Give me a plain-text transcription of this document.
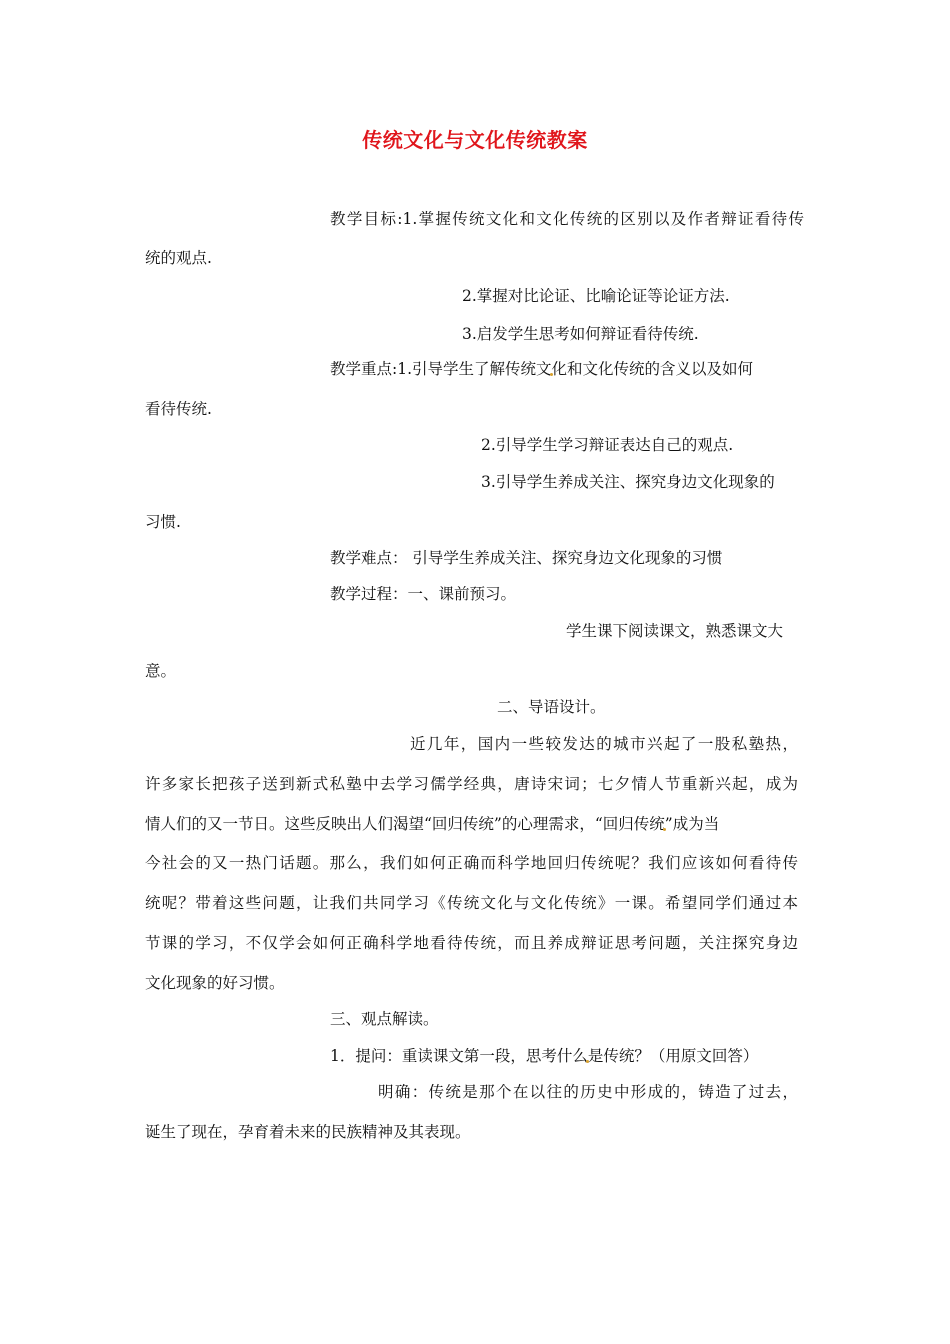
传统文化与文化传统教案
教学目标:1.掌握传统文化和文化传统的区别以及作者辩证看待传
统的观点.
2.掌握对比论证、比喻论证等论证方法.
3.启发学生思考如何辩证看待传统.
教学重点:1.引导学生了解传统文化和文化传统的含义以及如何
看待传统.
2.引导学生学习辩证表达自己的观点.
3.引导学生养成关注、探究身边文化现象的
习惯.
教学难点： 引导学生养成关注、探究身边文化现象的习惯
教学过程：一、课前预习。
学生课下阅读课文，熟悉课文大
意。
二、导语设计。
近几年，国内一些较发达的城市兴起了一股私塾热，
许多家长把孩子送到新式私塾中去学习儒学经典，唐诗宋词；七夕情人节重新兴起，成为
情人们的又一节日。这些反映出人们渴望“回归传统”的心理需求，“回归传统”成为当
今社会的又一热门话题。那么，我们如何正确而科学地回归传统呢？我们应该如何看待传
统呢？带着这些问题，让我们共同学习《传统文化与文化传统》一课。希望同学们通过本
节课的学习，不仅学会如何正确科学地看待传统，而且养成辩证思考问题，关注探究身边
文化现象的好习惯。
三、观点解读。
1．提问：重读课文第一段，思考什么是传统？（用原文回答）
明确：传统是那个在以往的历史中形成的，铸造了过去，
诞生了现在，孕育着未来的民族精神及其表现。
